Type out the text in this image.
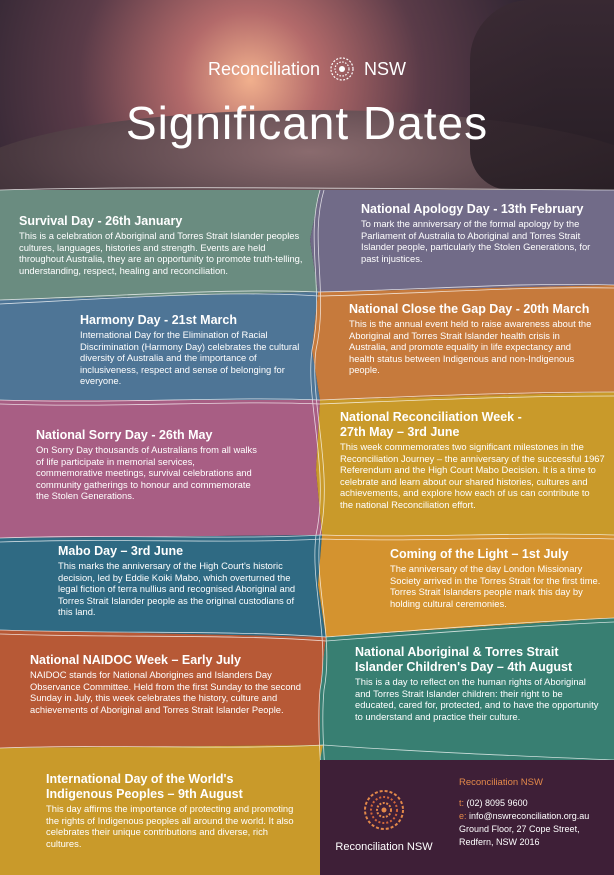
Reconciliation NSW
Significant Dates
Survival Day - 26th January
This is a celebration of Aboriginal and Torres Strait Islander peoples cultures, languages, histories and strength. Events are held throughout Australia, they are an opportunity to promote truth-telling, understanding, respect, healing and reconciliation.
National Apology Day - 13th February
To mark the anniversary of the formal apology by the Parliament of Australia to Aboriginal and Torres Strait Islander people, particularly the Stolen Generations, for past injustices.
Harmony Day - 21st March
International Day for the Elimination of Racial Discrimination (Harmony Day) celebrates the cultural diversity of Australia and the importance of inclusiveness, respect and sense of belonging for everyone.
National Close the Gap Day - 20th March
This is the annual event held to raise awareness about the Aboriginal and Torres Strait Islander health crisis in Australia, and promote equality in life expectancy and health status between Indigenous and non-Indigenous people.
National Sorry Day - 26th May
On Sorry Day thousands of Australians from all walks of life participate in memorial services, commemorative meetings, survival celebrations and community gatherings to honour and commemorate the Stolen Generations.
National Reconciliation Week -
27th May – 3rd June
This week commemorates two significant milestones in the Reconciliation Journey – the anniversary of the successful 1967 Referendum and the High Court Mabo Decision. It is a time to celebrate and learn about our shared histories, cultures and achievements, and explore how each of us can contribute to the national Reconciliation effort.
Mabo Day – 3rd June
This marks the anniversary of the High Court's historic decision, led by Eddie Koiki Mabo, which overturned the legal fiction of terra nullius and recognised Aboriginal and Torres Strait Islander people as the original custodians of this land.
Coming of the Light – 1st July
The anniversary of the day London Missionary Society arrived in the Torres Strait for the first time. Torres Strait Islanders people mark this day by holding cultural ceremonies.
National NAIDOC Week – Early July
NAIDOC stands for National Aborigines and Islanders Day Observance Committee. Held from the first Sunday to the second Sunday in July, this week celebrates the history, culture and achievements of Aboriginal and Torres Strait Islander People.
National Aboriginal & Torres Strait
Islander Children's Day – 4th August
This is a day to reflect on the human rights of Aboriginal and Torres Strait Islander children: their right to be educated, cared for, protected, and to have the opportunity to understand and practice their culture.
International Day of the World's
Indigenous Peoples – 9th August
This day affirms the importance of protecting and promoting the rights of Indigenous peoples all around the world. It also celebrates their unique contributions and diverse, rich cultures.	Reconciliation NSW
Reconciliation NSW
t: (02) 8095 9600
e: info@nswreconciliation.org.au
Ground Floor, 27 Cope Street,
Redfern, NSW 2016
